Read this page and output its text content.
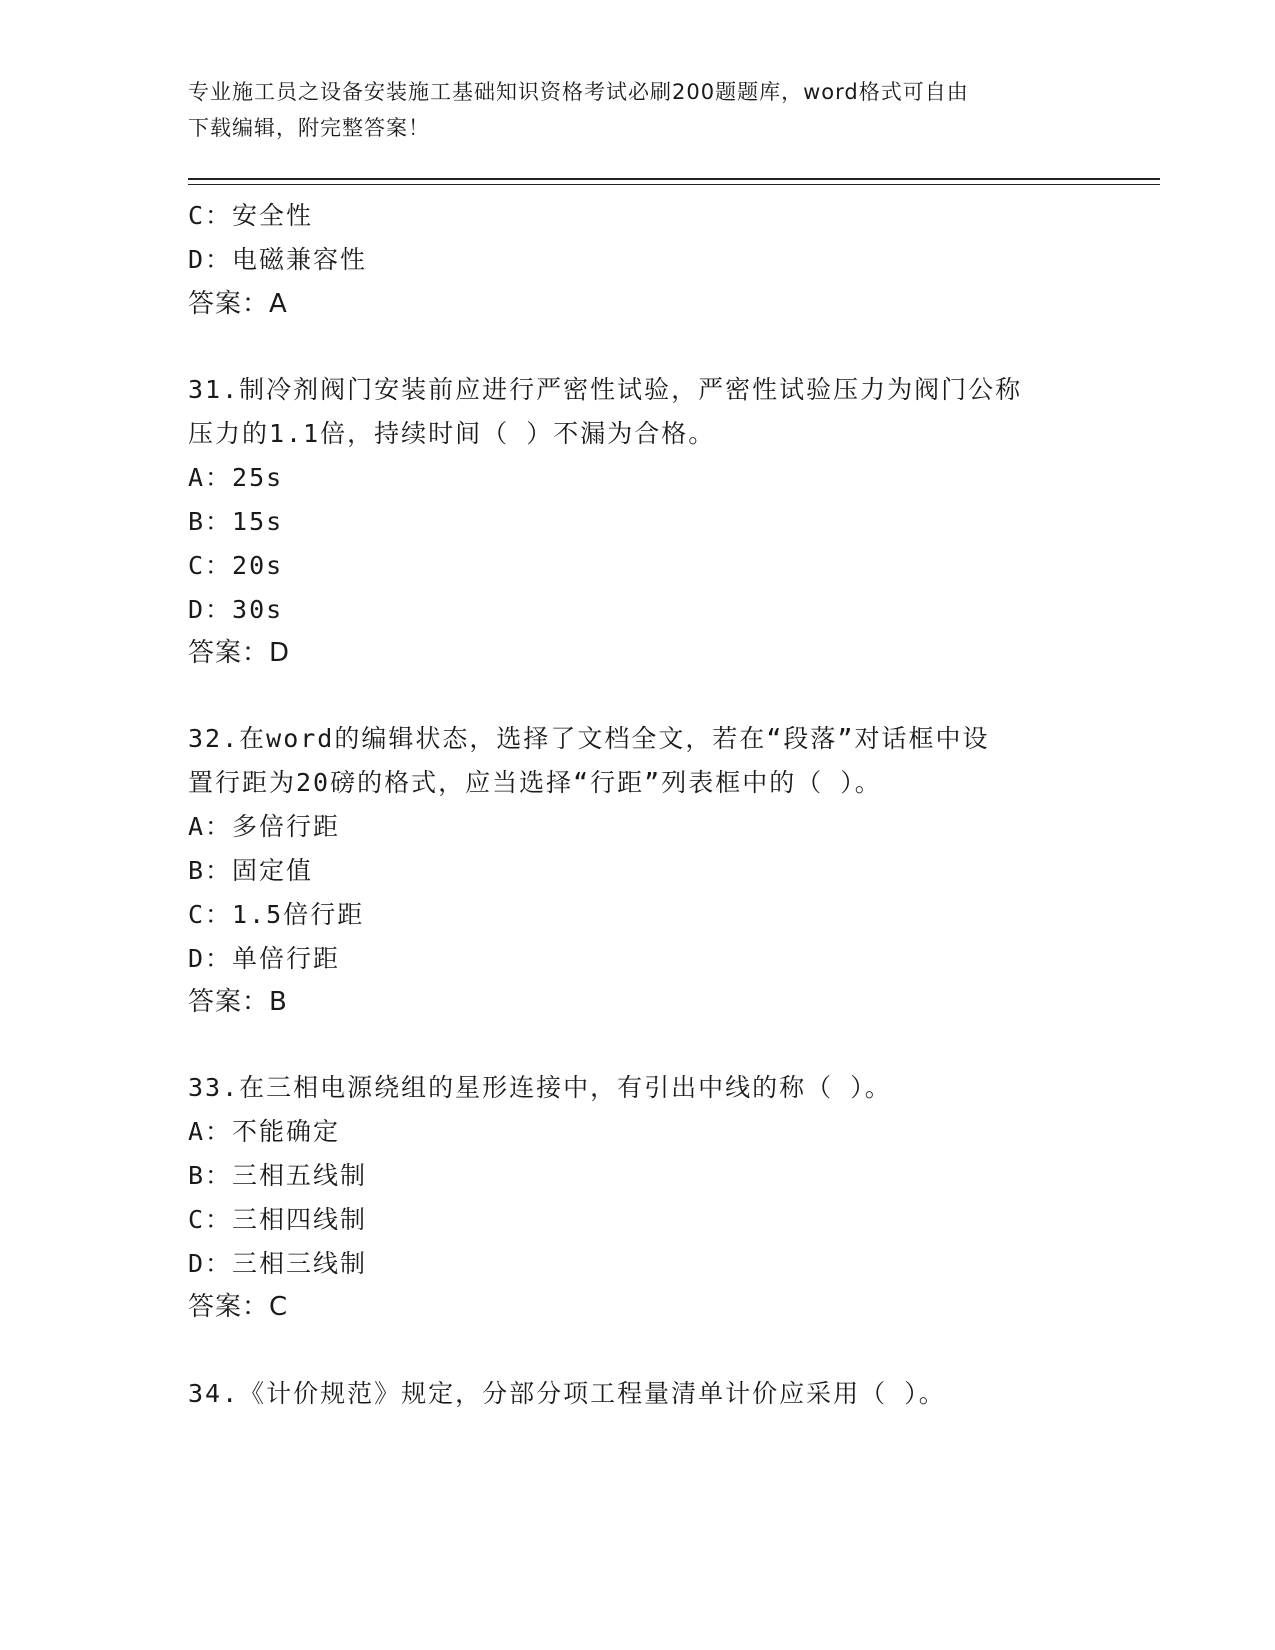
专业施工员之设备安装施工基础知识资格考试必刷200题题库，word格式可自由
下载编辑，附完整答案！
C：安全性
D：电磁兼容性
答案：A
31.制冷剂阀门安装前应进行严密性试验，严密性试验压力为阀门公称
压力的1.1倍，持续时间（ ）不漏为合格。
A：25s
B：15s
C：20s
D：30s
答案：D
32.在word的编辑状态，选择了文档全文，若在“段落”对话框中设
置行距为20磅的格式，应当选择“行距”列表框中的（ ）。
A：多倍行距
B：固定值
C：1.5倍行距
D：单倍行距
答案：B
33.在三相电源绕组的星形连接中，有引出中线的称（ ）。
A：不能确定
B：三相五线制
C：三相四线制
D：三相三线制
答案：C
34.《计价规范》规定，分部分项工程量清单计价应采用（ ）。
